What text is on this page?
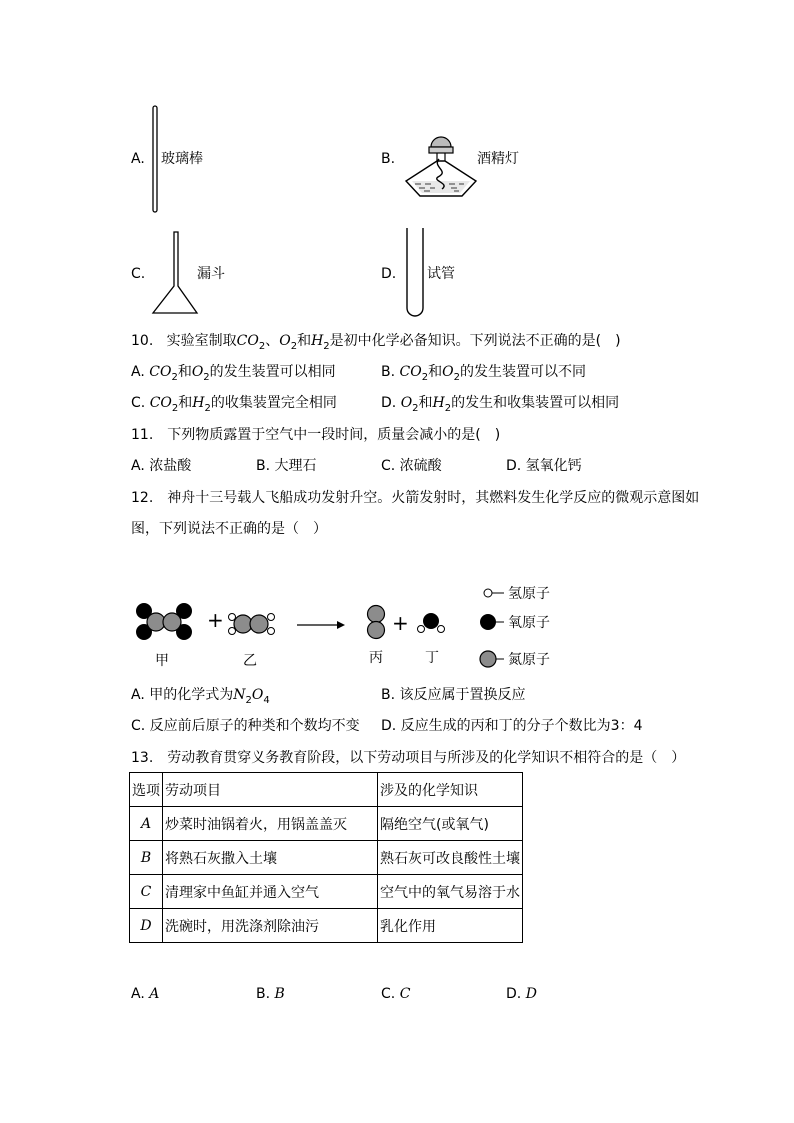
A. 玻璃棒	B.	酒精灯
C.	漏斗	D. 试管
10. 实验室制取$CO_2$、$O_2$和$H_2$是初中化学必备知识。下列说法不正确的是(　)
A. $CO_2$和$O_2$的发生装置可以相同	B. $CO_2$和$O_2$的发生装置可以不同
C. $CO_2$和$H_2$的收集装置完全相同	D. $O_2$和$H_2$的发生和收集装置可以相同
11.　下列物质露置于空气中一段时间，质量会减小的是(　)
A. 浓盐酸	B. 大理石	C. 浓硫酸	D. 氢氧化钙
12.　神舟十三号载人飞船成功发射升空。火箭发射时，其燃料发生化学反应的微观示意图如
图，下列说法不正确的是（　）
+	+
甲	乙	丙	丁
氢原子
氧原子
氮原子
A. 甲的化学式为$N_2O_4$	B. 该反应属于置换反应
C. 反应前后原子的种类和个数均不变 D. 反应生成的丙和丁的分子个数比为3：4
13.　劳动教育贯穿义务教育阶段，以下劳动项目与所涉及的化学知识不相符合的是（　）
选项	劳动项目	涉及的化学知识
A	炒菜时油锅着火，用锅盖盖灭	隔绝空气(或氧气)
B	将熟石灰撒入土壤	熟石灰可改良酸性土壤
C	清理家中鱼缸并通入空气	空气中的氧气易溶于水
D	洗碗时，用洗涤剂除油污	乳化作用
A. A	B. B	C. C	D. D
